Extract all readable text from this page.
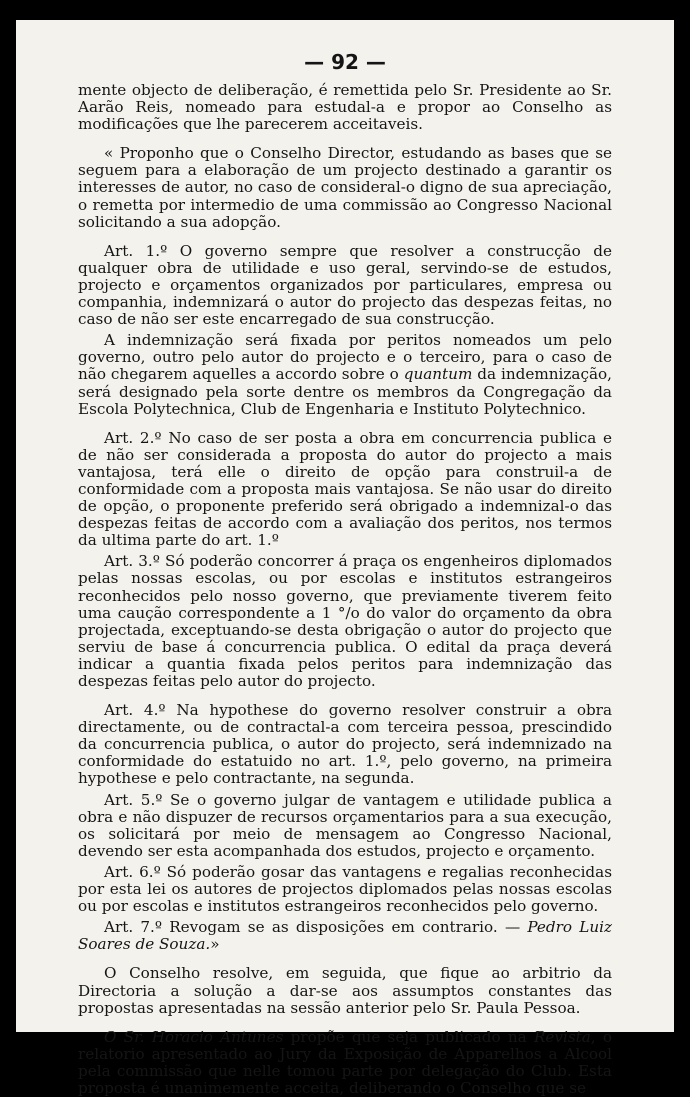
— 92 —

mente objecto de deliberação, é remettida pelo Sr. Presidente ao Sr. Aarão Reis, nomeado para estudal-a e propor ao Conselho as modificações que lhe parecerem acceitaveis.

« Proponho que o Conselho Director, estudando as bases que se seguem para a elaboração de um projecto destinado a garantir os interesses de autor, no caso de consideral-o digno de sua apreciação, o remetta por intermedio de uma commissão ao Congresso Nacional solicitando a sua adopção.

Art. 1.º O governo sempre que resolver a construcção de qualquer obra de utilidade e uso geral, servindo-se de estudos, projecto e orçamentos organizados por particulares, empresa ou companhia, indemnizará o autor do projecto das despezas feitas, no caso de não ser este encarregado de sua construcção.

A indemnização será fixada por peritos nomeados um pelo governo, outro pelo autor do projecto e o terceiro, para o caso de não chegarem aquelles a accordo sobre o quantum da indemnização, será designado pela sorte dentre os membros da Congregação da Escola Polytechnica, Club de Engenharia e Instituto Polytechnico.

Art. 2.º No caso de ser posta a obra em concurrencia publica e de não ser considerada a proposta do autor do projecto a mais vantajosa, terá elle o direito de opção para construil-a de conformidade com a proposta mais vantajosa. Se não usar do direito de opção, o proponente preferido será obrigado a indemnizal-o das despezas feitas de accordo com a avaliação dos peritos, nos termos da ultima parte do art. 1.º

Art. 3.º Só poderão concorrer á praça os engenheiros diplomados pelas nossas escolas, ou por escolas e institutos estrangeiros reconhecidos pelo nosso governo, que previamente tiverem feito uma caução correspondente a 1 °/o do valor do orçamento da obra projectada, exceptuando-se desta obrigação o autor do projecto que serviu de base á concurrencia publica. O edital da praça deverá indicar a quantia fixada pelos peritos para indemnização das despezas feitas pelo autor do projecto.

Art. 4.º Na hypothese do governo resolver construir a obra directamente, ou de contractal-a com terceira pessoa, prescindido da concurrencia publica, o autor do projecto, será indemnizado na conformidade do estatuido no art. 1.º, pelo governo, na primeira hypothese e pelo contractante, na segunda.

Art. 5.º Se o governo julgar de vantagem e utilidade publica a obra e não dispuzer de recursos orçamentarios para a sua execução, os solicitará por meio de mensagem ao Congresso Nacional, devendo ser esta acompanhada dos estudos, projecto e orçamento.

Art. 6.º Só poderão gosar das vantagens e regalias reconhecidas por esta lei os autores de projectos diplomados pelas nossas escolas ou por escolas e institutos estrangeiros reconhecidos pelo governo.

Art. 7.º Revogam se as disposições em contrario. — Pedro Luiz Soares de Souza.»

O Conselho resolve, em seguida, que fique ao arbitrio da Directoria a solução a dar-se aos assumptos constantes das propostas apresentadas na sessão anterior pelo Sr. Paula Pessoa.

O Sr. Horacio Antunes propõe que seja publicado na Revista, o relatorio apresentado ao Jury da Exposição de Apparelhos a Alcool pela commissão que nelle tomou parte por delegação do Club. Esta proposta é unanimemente acceita, deliberando o Conselho que se
